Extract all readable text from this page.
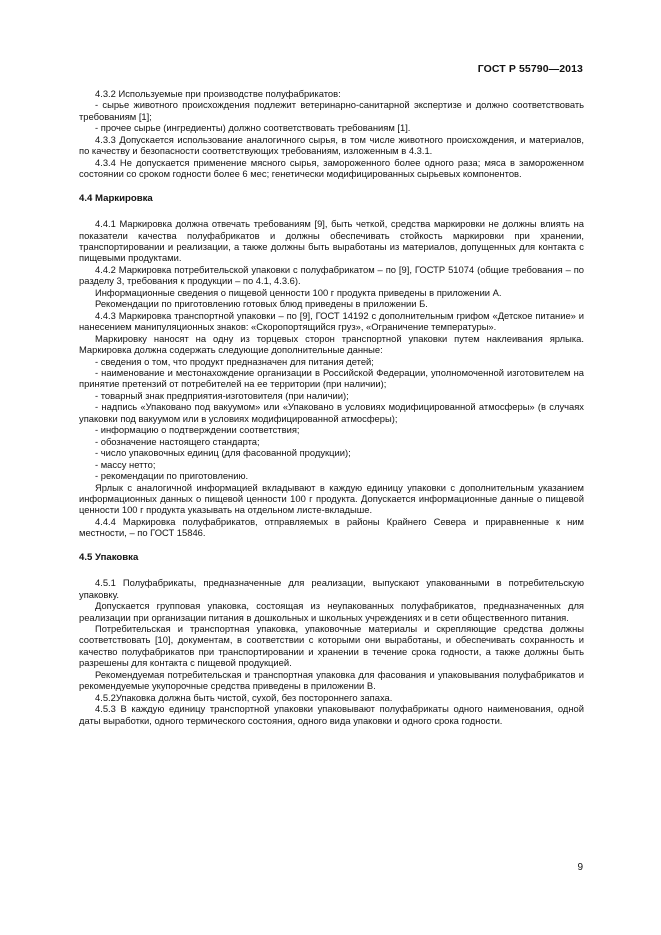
ГОСТ Р 55790—2013

4.3.2 Используемые при производстве полуфабрикатов:

- сырье животного происхождения подлежит ветеринарно-санитарной экспертизе и должно соответствовать требованиям [1];

- прочее сырье (ингредиенты) должно соответствовать требованиям [1].

4.3.3 Допускается использование аналогичного сырья, в том числе животного происхождения, и материалов, по качеству и безопасности соответствующих требованиям, изложенным в 4.3.1.

4.3.4 Не допускается применение мясного сырья, замороженного более одного раза; мяса в замороженном состоянии со сроком годности более 6 мес; генетически модифицированных сырьевых компонентов.

4.4 Маркировка

4.4.1 Маркировка должна отвечать требованиям [9], быть четкой, средства маркировки не должны влиять на показатели качества полуфабрикатов и должны обеспечивать стойкость маркировки при хранении, транспортировании и реализации, а также должны быть выработаны из материалов, допущенных для контакта с пищевыми продуктами.

4.4.2 Маркировка потребительской упаковки с полуфабрикатом – по [9], ГОСТР 51074 (общие требования – по разделу 3, требования к продукции – по 4.1, 4.3.6).

Информационные сведения о пищевой ценности 100 г продукта приведены в приложении А.

Рекомендации по приготовлению готовых блюд приведены в приложении Б.

4.4.3 Маркировка транспортной упаковки – по [9], ГОСТ 14192 с дополнительным грифом «Детское питание» и нанесением манипуляционных знаков: «Скоропортящийся груз», «Ограничение температуры».

Маркировку наносят на одну из торцевых сторон транспортной упаковки путем наклеивания ярлыка. Маркировка должна содержать следующие дополнительные данные:

- сведения о том, что продукт предназначен для питания детей;

- наименование и местонахождение организации в Российской Федерации, уполномоченной изготовителем на принятие претензий от потребителей на ее территории (при наличии);

- товарный знак предприятия-изготовителя (при наличии);

- надпись «Упаковано под вакуумом» или «Упаковано в условиях модифицированной атмосферы» (в случаях упаковки под вакуумом или в условиях модифицированной атмосферы);

- информацию о подтверждении соответствия;

- обозначение настоящего стандарта;

- число упаковочных единиц (для фасованной продукции);

- массу нетто;

- рекомендации по приготовлению.

Ярлык с аналогичной информацией вкладывают в каждую единицу упаковки с дополнительным указанием информационных данных о пищевой ценности 100 г продукта. Допускается информационные данные о пищевой ценности 100 г продукта указывать на отдельном листе-вкладыше.

4.4.4 Маркировка полуфабрикатов, отправляемых в районы Крайнего Севера и приравненные к ним местности, – по ГОСТ 15846.

4.5 Упаковка

4.5.1 Полуфабрикаты, предназначенные для реализации, выпускают упакованными в потребительскую упаковку.

Допускается групповая упаковка, состоящая из неупакованных полуфабрикатов, предназначенных для реализации при организации питания в дошкольных и школьных учреждениях и в сети общественного питания.

Потребительская и транспортная упаковка, упаковочные материалы и скрепляющие средства должны соответствовать [10], документам, в соответствии с которыми они выработаны, и обеспечивать сохранность и качество полуфабрикатов при транспортировании и хранении в течение срока годности, а также должны быть разрешены для контакта с пищевой продукцией.

Рекомендуемая потребительская и транспортная упаковка для фасования и упаковывания полуфабрикатов и рекомендуемые укупорочные средства приведены в приложении В.

4.5.2Упаковка должна быть чистой, сухой, без постороннего запаха.

4.5.3 В каждую единицу транспортной упаковки упаковывают полуфабрикаты одного наименования, одной даты выработки, одного термического состояния, одного вида упаковки и одного срока годности.

9
